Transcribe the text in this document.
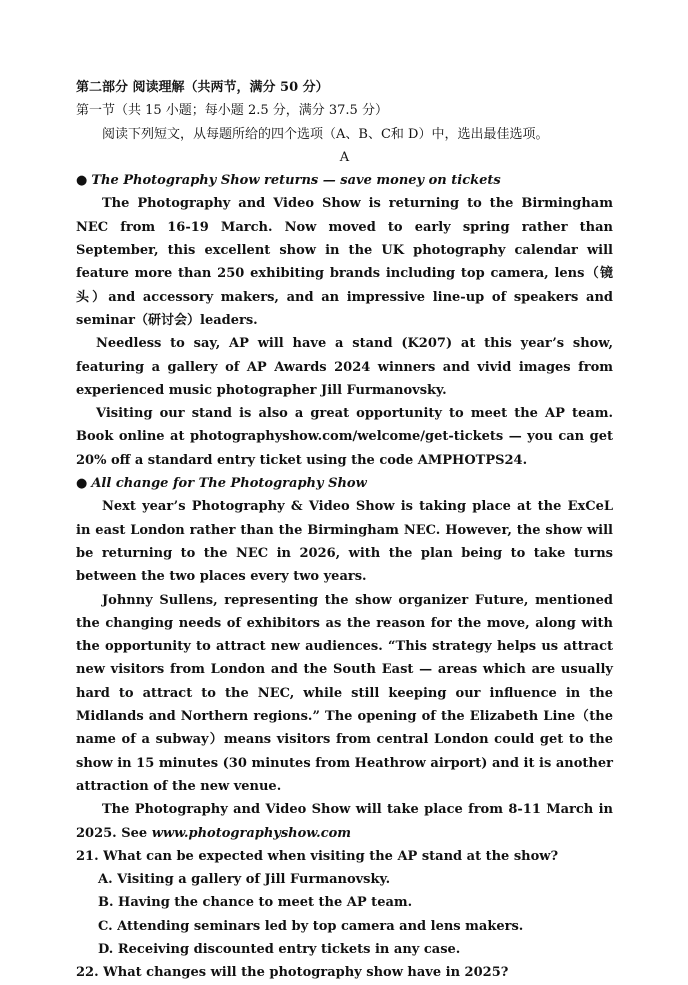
第二部分 阅读理解（共两节，满分 50 分）
第一节（共 15 小题；每小题 2.5 分，满分 37.5 分）
阅读下列短文，从每题所给的四个选项（A、B、C和 D）中，选出最佳选项。
A
● The Photography Show returns — save money on tickets
The Photography and Video Show is returning to the Birmingham NEC from 16-19 March. Now moved to early spring rather than September, this excellent show in the UK photography calendar will feature more than 250 exhibiting brands including top camera, lens（镜头）and accessory makers, and an impressive line-up of speakers and seminar（研讨会）leaders.
Needless to say, AP will have a stand (K207) at this year’s show, featuring a gallery of AP Awards 2024 winners and vivid images from experienced music photographer Jill Furmanovsky.
Visiting our stand is also a great opportunity to meet the AP team. Book online at photographyshow.com/welcome/get-tickets — you can get 20% off a standard entry ticket using the code AMPHOTPS24.
● All change for The Photography Show
Next year’s Photography & Video Show is taking place at the ExCeL in east London rather than the Birmingham NEC. However, the show will be returning to the NEC in 2026, with the plan being to take turns between the two places every two years.
Johnny Sullens, representing the show organizer Future, mentioned the changing needs of exhibitors as the reason for the move, along with the opportunity to attract new audiences. “This strategy helps us attract new visitors from London and the South East — areas which are usually hard to attract to the NEC, while still keeping our influence in the Midlands and Northern regions.” The opening of the Elizabeth Line（the name of a subway）means visitors from central London could get to the show in 15 minutes (30 minutes from Heathrow airport) and it is another attraction of the new venue.
The Photography and Video Show will take place from 8-11 March in 2025. See www.photographyshow.com
21. What can be expected when visiting the AP stand at the show?
A. Visiting a gallery of Jill Furmanovsky.
B. Having the chance to meet the AP team.
C. Attending seminars led by top camera and lens makers.
D. Receiving discounted entry tickets in any case.
22. What changes will the photography show have in 2025?
